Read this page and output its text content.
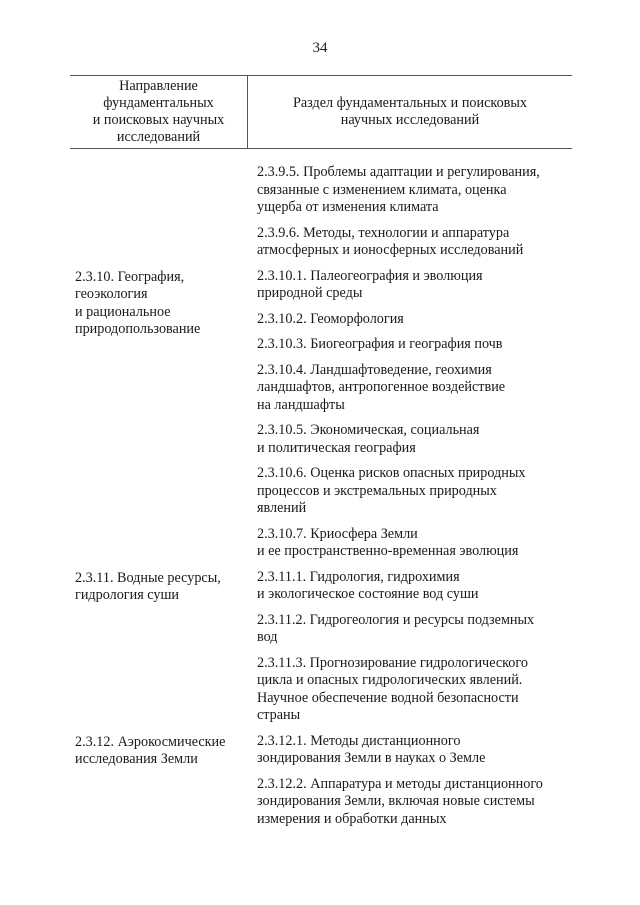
34
Направление
фундаментальных
и поисковых научных
исследований
Раздел фундаментальных и поисковых
научных исследований
2.3.9.5. Проблемы адаптации и регулирования,
связанные с изменением климата, оценка
ущерба от изменения климата
2.3.9.6. Методы, технологии и аппаратура
атмосферных и ионосферных исследований
2.3.10. География,
геоэкология
и рациональное
природопользование
2.3.10.1. Палеогеография и эволюция
природной среды
2.3.10.2. Геоморфология
2.3.10.3. Биогеография и география почв
2.3.10.4. Ландшафтоведение, геохимия
ландшафтов, антропогенное воздействие
на ландшафты
2.3.10.5. Экономическая, социальная
и политическая география
2.3.10.6. Оценка рисков опасных природных
процессов и экстремальных природных
явлений
2.3.10.7. Криосфера Земли
и ее пространственно-временная эволюция
2.3.11. Водные ресурсы,
гидрология суши
2.3.11.1. Гидрология, гидрохимия
и экологическое состояние вод суши
2.3.11.2. Гидрогеология и ресурсы подземных
вод
2.3.11.3. Прогнозирование гидрологического
цикла и опасных гидрологических явлений.
Научное обеспечение водной безопасности
страны
2.3.12. Аэрокосмические
исследования Земли
2.3.12.1. Методы дистанционного
зондирования Земли в науках о Земле
2.3.12.2. Аппаратура и методы дистанционного
зондирования Земли, включая новые системы
измерения и обработки данных
